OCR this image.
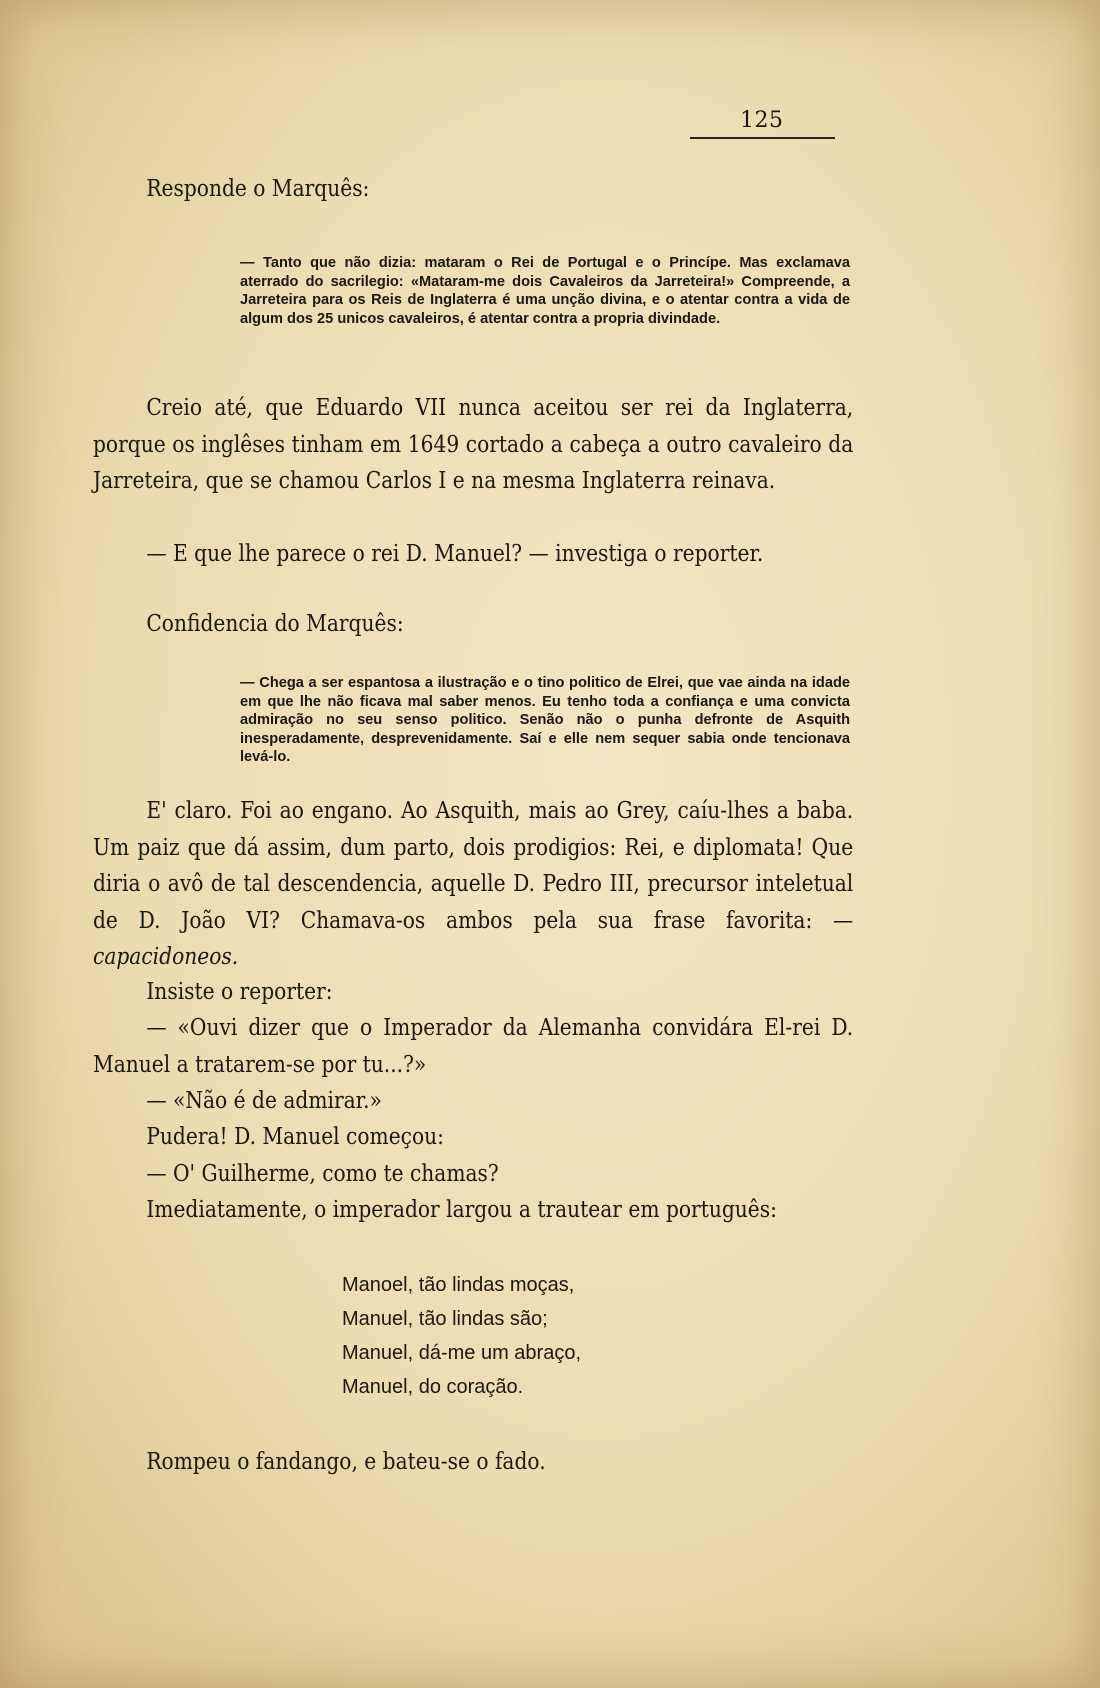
125

Responde o Marquês:

— Tanto que não dizia: mataram o Rei de Portugal e o Princípe. Mas exclamava aterrado do sacrilegio: «Mataram-me dois Cavaleiros da Jarreteira!» Compreende, a Jarreteira para os Reis de Inglaterra é uma unção divina, e o atentar contra a vida de algum dos 25 unicos cavaleiros, é atentar contra a propria divindade.

Creio até, que Eduardo VII nunca aceitou ser rei da Inglaterra, porque os inglêses tinham em 1649 cortado a cabeça a outro cavaleiro da Jarreteira, que se chamou Carlos I e na mesma Inglaterra reinava.

— E que lhe parece o rei D. Manuel? — investiga o reporter.

Confidencia do Marquês:

— Chega a ser espantosa a ilustração e o tino politico de Elrei, que vae ainda na idade em que lhe não ficava mal saber menos. Eu tenho toda a confiança e uma convicta admiração no seu senso politico. Senão não o punha defronte de Asquith inesperadamente, desprevenidamente. Saí e elle nem sequer sabia onde tencionava levá-lo.

E' claro. Foi ao engano. Ao Asquith, mais ao Grey, caíu-lhes a baba. Um paiz que dá assim, dum parto, dois prodigios: Rei, e diplomata! Que diria o avô de tal descendencia, aquelle D. Pedro III, precursor inteletual de D. João VI? Chamava-os ambos pela sua frase favorita: — capacidoneos.

Insiste o reporter:

— «Ouvi dizer que o Imperador da Alemanha convidára El-rei D. Manuel a tratarem-se por tu...?»

— «Não é de admirar.»

Pudera! D. Manuel começou:

— O' Guilherme, como te chamas?

Imediatamente, o imperador largou a trautear em português:

Manoel, tão lindas moças,
Manuel, tão lindas são;
Manuel, dá-me um abraço,
Manuel, do coração.

Rompeu o fandango, e bateu-se o fado.
